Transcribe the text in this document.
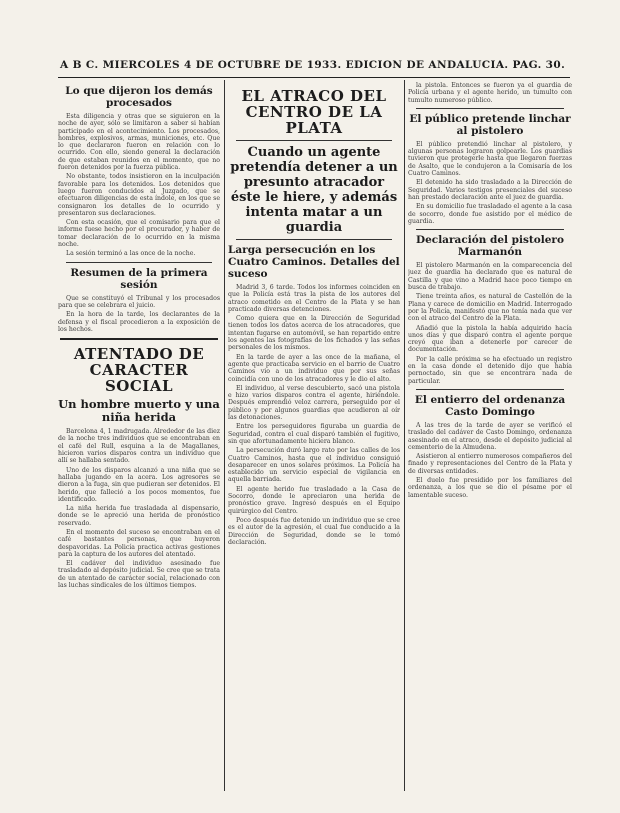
A B C. MIERCOLES 4 DE OCTUBRE DE 1933. EDICION DE ANDALUCIA. PAG. 30.
Lo que dijeron los demás procesados

Esta diligencia y otras que se siguieron en la noche de ayer, sólo se limitaron a saber si habían participado en el acontecimiento. Los procesados, hombres, explosivos, armas, municiones, etc. Que lo que declararon fueron en relación con lo ocurrido. Con ello, siendo general la declaración de que estaban reunidos en el momento, que no fueron detenidos por la fuerza pública.

No obstante, todos insistieron en la inculpación favorable para los detenidos. Los detenidos que luego fueron conducidos al Juzgado, que se efectuaron diligencias de esta índole, en los que se consignaron los detalles de lo ocurrido y presentaron sus declaraciones.

Con esta ocasión, que el comisario para que el informe fuese hecho por el procurador, y haber de tomar declaración de lo ocurrido en la misma noche.

La sesión terminó a las once de la noche.

Resumen de la primera sesión

Que se constituyó el Tribunal y los procesados para que se celebrara el juicio.

En la hora de la tarde, los declarantes de la defensa y el fiscal procedieron a la exposición de los hechos.

ATENTADO DE CARACTER SOCIAL
Un hombre muerto y una niña herida

Barcelona 4, 1 madrugada. Alrededor de las diez de la noche tres individuos que se encontraban en el café del Rull, esquina a la de Magallanes, hicieron varios disparos contra un individuo que allí se hallaba sentado.

Uno de los disparos alcanzó a una niña que se hallaba jugando en la acera. Los agresores se dieron a la fuga, sin que pudieran ser detenidos. El herido, que falleció a los pocos momentos, fue identificado.

La niña herida fue trasladada al dispensario, donde se le apreció una herida de pronóstico reservado.

En el momento del suceso se encontraban en el café bastantes personas, que huyeron despavoridas. La Policía practica activas gestiones para la captura de los autores del atentado.

El cadáver del individuo asesinado fue trasladado al depósito judicial. Se cree que se trata de un atentado de carácter social, relacionado con las luchas sindicales de los últimos tiempos.

EL ATRACO DEL CENTRO DE LA PLATA
Cuando un agente pretendía detener a un presunto atracador éste le hiere, y además intenta matar a un guardia
Larga persecución en los Cuatro Caminos. Detalles del suceso

Madrid 3, 6 tarde. Todos los informes coinciden en que la Policía está tras la pista de los autores del atraco cometido en el Centro de la Plata y se han practicado diversas detenciones.

Como quiera que en la Dirección de Seguridad tienen todos los datos acerca de los atracadores, que intentan fugarse en automóvil, se han repartido entre los agentes las fotografías de los fichados y las señas personales de los mismos.

En la tarde de ayer a las once de la mañana, el agente que practicaba servicio en el barrio de Cuatro Caminos vio a un individuo que por sus señas coincidía con uno de los atracadores y le dio el alto.

El individuo, al verse descubierto, sacó una pistola e hizo varios disparos contra el agente, hiriéndole. Después emprendió veloz carrera, perseguido por el público y por algunos guardias que acudieron al oír las detonaciones.

Entre los perseguidores figuraba un guardia de Seguridad, contra el cual disparó también el fugitivo, sin que afortunadamente hiciera blanco.

La persecución duró largo rato por las calles de los Cuatro Caminos, hasta que el individuo consiguió desaparecer en unos solares próximos. La Policía ha establecido un servicio especial de vigilancia en aquella barriada.

El agente herido fue trasladado a la Casa de Socorro, donde le apreciaron una herida de pronóstico grave. Ingresó después en el Equipo quirúrgico del Centro.

Poco después fue detenido un individuo que se cree es el autor de la agresión, el cual fue conducido a la Dirección de Seguridad, donde se le tomó declaración.

la pistola. Entonces se fueron ya el guardia de Policía urbana y el agente herido, un tumulto con tumulto numeroso público.

El público pretende linchar al pistolero

El público pretendió linchar al pistolero, y algunas personas lograron golpearle. Los guardias tuvieron que protegerle hasta que llegaron fuerzas de Asalto, que le condujeron a la Comisaría de los Cuatro Caminos.

El detenido ha sido trasladado a la Dirección de Seguridad. Varios testigos presenciales del suceso han prestado declaración ante el juez de guardia.

En su domicilio fue trasladado el agente a la casa de socorro, donde fue asistido por el médico de guardia.

Declaración del pistolero Marmanón

El pistolero Marmanón en la comparecencia del juez de guardia ha declarado que es natural de Castilla y que vino a Madrid hace poco tiempo en busca de trabajo.

Tiene treinta años, es natural de Castellón de la Plana y carece de domicilio en Madrid. Interrogado por la Policía, manifestó que no tenía nada que ver con el atraco del Centro de la Plata.

Añadió que la pistola la había adquirido hacía unos días y que disparó contra el agente porque creyó que iban a detenerle por carecer de documentación.

Por la calle próxima se ha efectuado un registro en la casa donde el detenido dijo que había pernoctado, sin que se encontrara nada de particular.

El entierro del ordenanza Casto Domingo

A las tres de la tarde de ayer se verificó el traslado del cadáver de Casto Domingo, ordenanza asesinado en el atraco, desde el depósito judicial al cementerio de la Almudena.

Asistieron al entierro numerosos compañeros del finado y representaciones del Centro de la Plata y de diversas entidades.

El duelo fue presidido por los familiares del ordenanza, a los que se dio el pésame por el lamentable suceso.
